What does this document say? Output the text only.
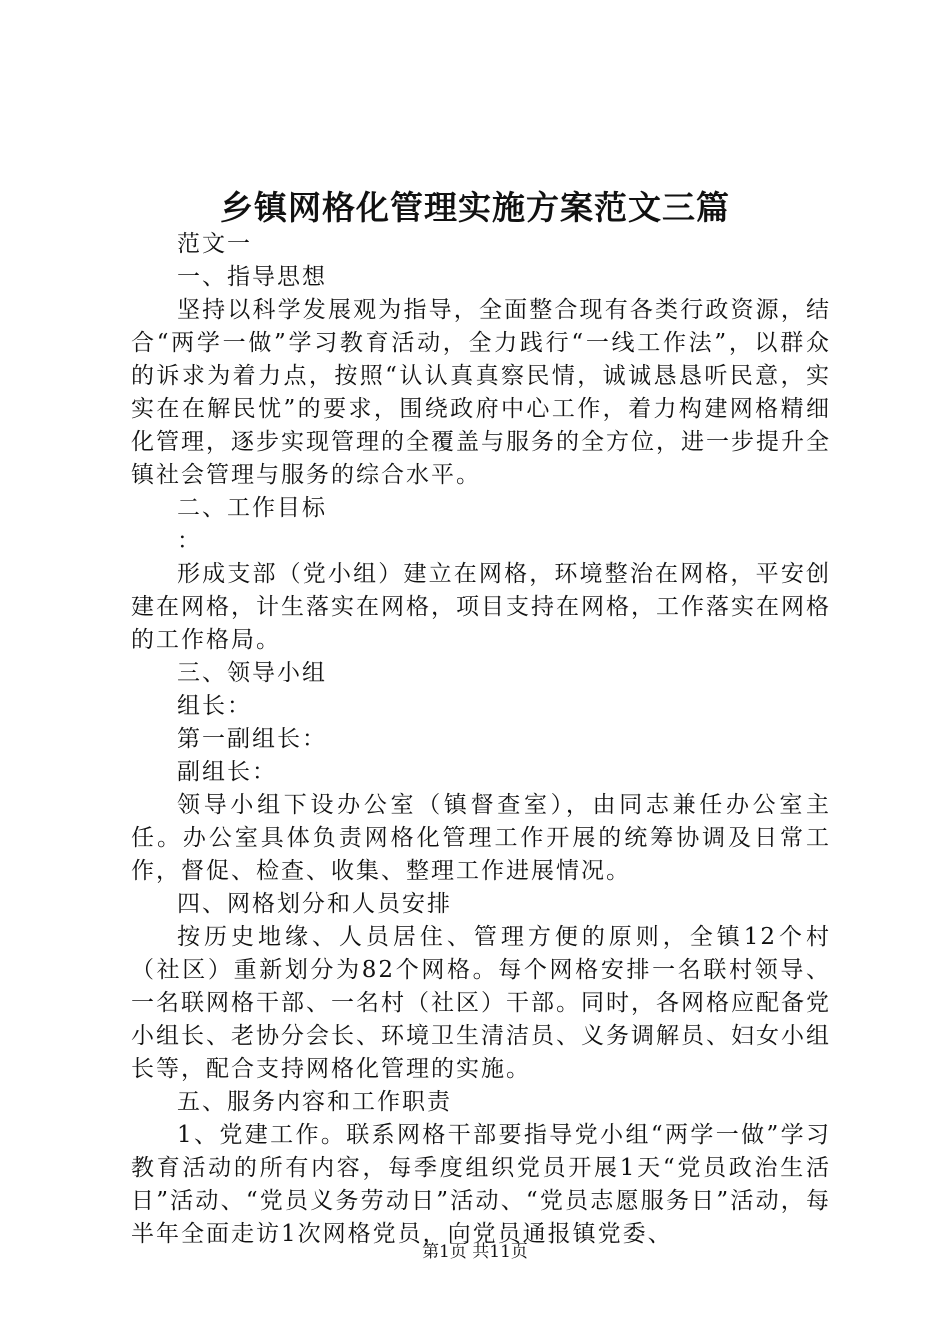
乡镇网格化管理实施方案范文三篇

范文一

一、指导思想

坚持以科学发展观为指导，全面整合现有各类行政资源，结合“两学一做”学习教育活动，全力践行“一线工作法”，以群众的诉求为着力点，按照“认认真真察民情，诚诚恳恳听民意，实实在在解民忧”的要求，围绕政府中心工作，着力构建网格精细化管理，逐步实现管理的全覆盖与服务的全方位，进一步提升全镇社会管理与服务的综合水平。

二、工作目标

：

形成支部（党小组）建立在网格，环境整治在网格，平安创建在网格，计生落实在网格，项目支持在网格，工作落实在网格的工作格局。

三、领导小组

组长：

第一副组长：

副组长：

领导小组下设办公室（镇督查室），由同志兼任办公室主任。办公室具体负责网格化管理工作开展的统筹协调及日常工作，督促、检查、收集、整理工作进展情况。

四、网格划分和人员安排

按历史地缘、人员居住、管理方便的原则，全镇12个村（社区）重新划分为82个网格。每个网格安排一名联村领导、一名联网格干部、一名村（社区）干部。同时，各网格应配备党小组长、老协分会长、环境卫生清洁员、义务调解员、妇女小组长等，配合支持网格化管理的实施。

五、服务内容和工作职责

1、党建工作。联系网格干部要指导党小组“两学一做”学习教育活动的所有内容，每季度组织党员开展1天“党员政治生活日”活动、“党员义务劳动日”活动、“党员志愿服务日”活动，每半年全面走访1次网格党员，向党员通报镇党委、

第1页 共11页
